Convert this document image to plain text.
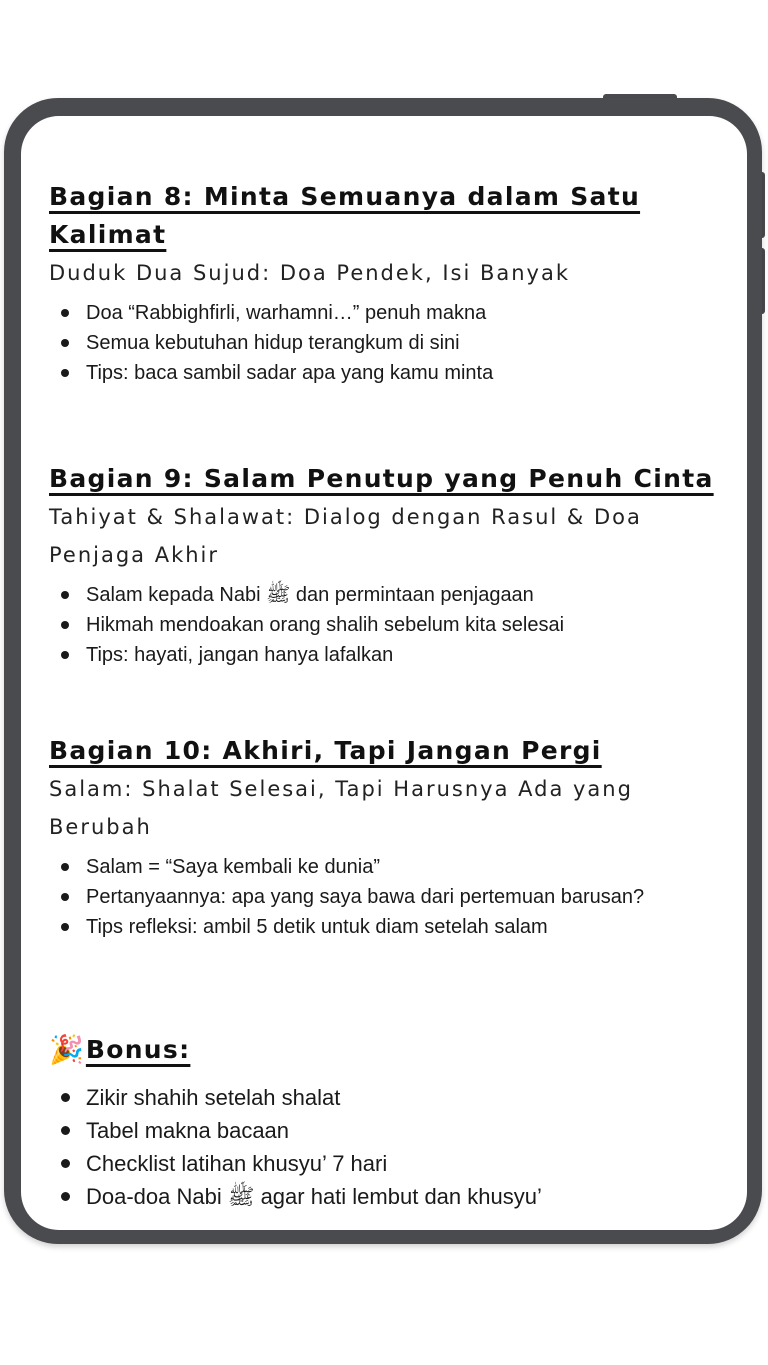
Bagian 8: Minta Semuanya dalam Satu Kalimat

Duduk Dua Sujud: Doa Pendek, Isi Banyak

Doa “Rabbighfirli, warhamni…” penuh makna
Semua kebutuhan hidup terangkum di sini
Tips: baca sambil sadar apa yang kamu minta

Bagian 9: Salam Penutup yang Penuh Cinta

Tahiyat & Shalawat: Dialog dengan Rasul & Doa Penjaga Akhir

Salam kepada Nabi ﷺ dan permintaan penjagaan
Hikmah mendoakan orang shalih sebelum kita selesai
Tips: hayati, jangan hanya lafalkan

Bagian 10: Akhiri, Tapi Jangan Pergi

Salam: Shalat Selesai, Tapi Harusnya Ada yang Berubah

Salam = “Saya kembali ke dunia”
Pertanyaannya: apa yang saya bawa dari pertemuan barusan?
Tips refleksi: ambil 5 detik untuk diam setelah salam
🎉 Bonus:
Zikir shahih setelah shalat
Tabel makna bacaan
Checklist latihan khusyu’ 7 hari
Doa-doa Nabi ﷺ agar hati lembut dan khusyu’
